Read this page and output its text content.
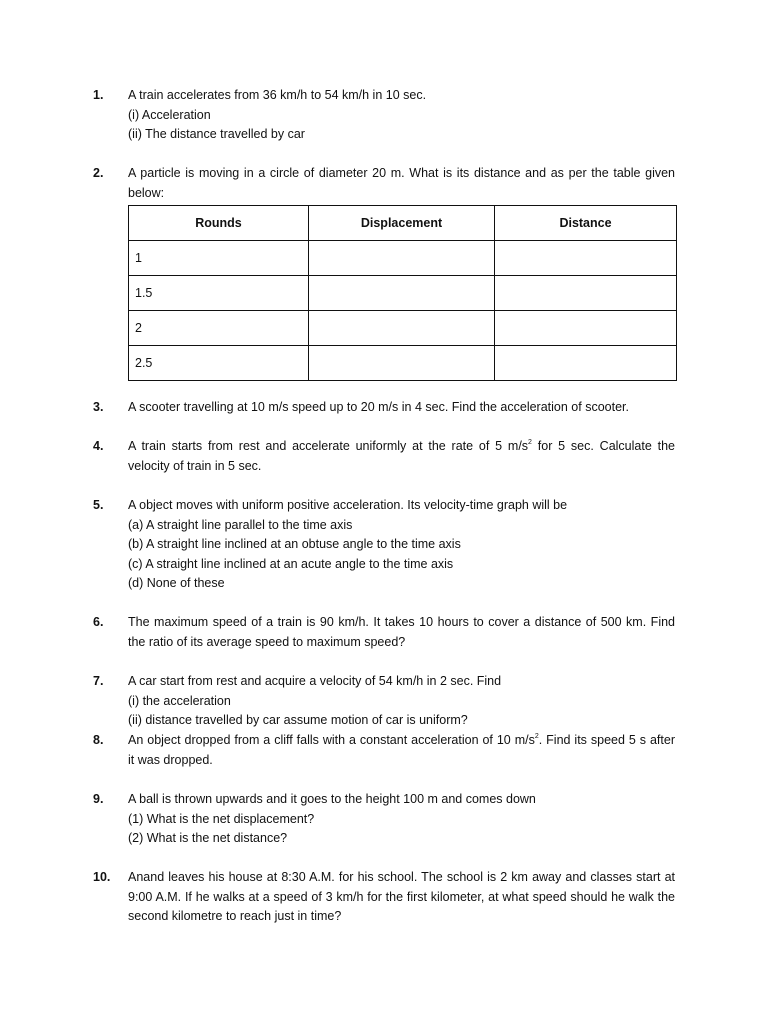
1. A train accelerates from 36 km/h to 54 km/h in 10 sec.
(i) Acceleration
(ii) The distance travelled by car
2. A particle is moving in a circle of diameter 20 m. What is its distance and as per the table given below:
Rounds	Displacement	Distance
1		
1.5		
2		
2.5		
3. A scooter travelling at 10 m/s speed up to 20 m/s in 4 sec. Find the acceleration of scooter.
4. A train starts from rest and accelerate uniformly at the rate of 5 $m/s^2$ for 5 sec. Calculate the velocity of train in 5 sec.
5. A object moves with uniform positive acceleration. Its velocity-time graph will be
(a) A straight line parallel to the time axis
(b) A straight line inclined at an obtuse angle to the time axis
(c) A straight line inclined at an acute angle to the time axis
(d) None of these
6. The maximum speed of a train is 90 km/h. It takes 10 hours to cover a distance of 500 km. Find the ratio of its average speed to maximum speed?
7. A car start from rest and acquire a velocity of 54 km/h in 2 sec. Find
(i) the acceleration
(ii) distance travelled by car assume motion of car is uniform?
8. An object dropped from a cliff falls with a constant acceleration of 10 $m/s^2$. Find its speed 5 s after it was dropped.
9. A ball is thrown upwards and it goes to the height 100 m and comes down
(1) What is the net displacement?
(2) What is the net distance?
10. Anand leaves his house at 8:30 A.M. for his school. The school is 2 km away and classes start at 9:00 A.M. If he walks at a speed of 3 km/h for the first kilometer, at what speed should he walk the second kilometre to reach just in time?
